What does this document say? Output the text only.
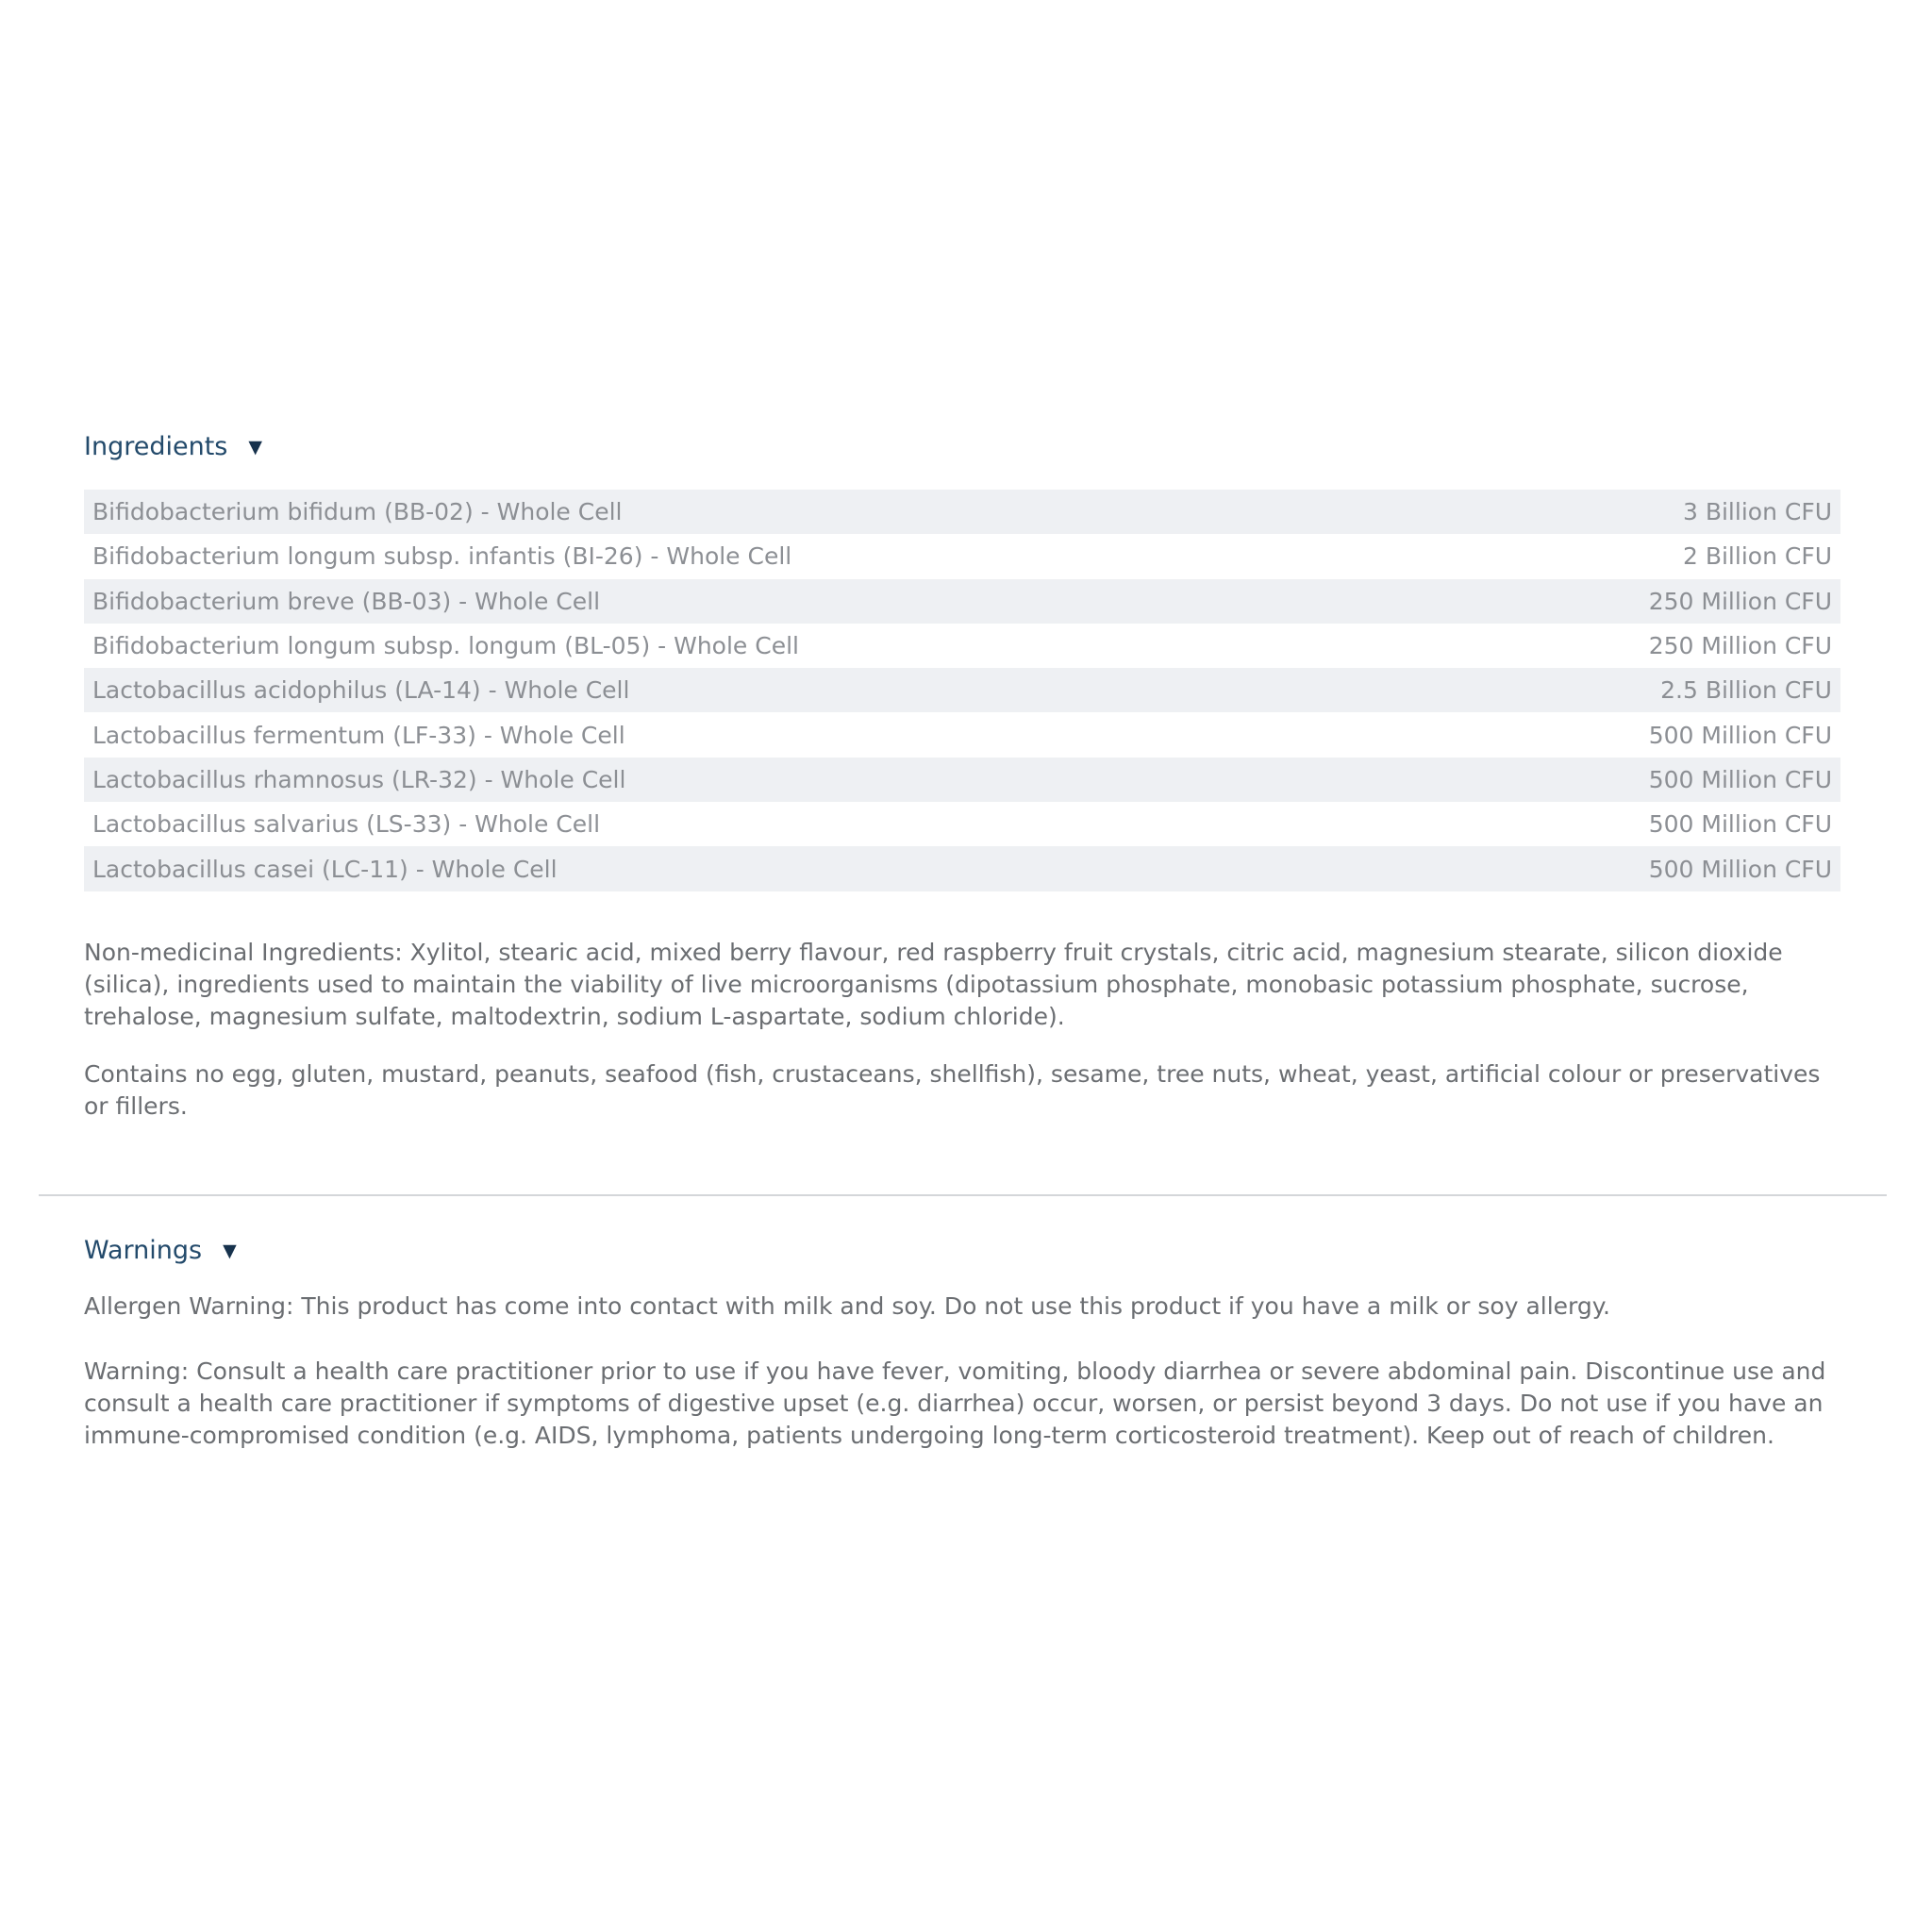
Ingredients ▼
Bifidobacterium bifidum (BB-02) - Whole Cell	3 Billion CFU
Bifidobacterium longum subsp. infantis (BI-26) - Whole Cell	2 Billion CFU
Bifidobacterium breve (BB-03) - Whole Cell	250 Million CFU
Bifidobacterium longum subsp. longum (BL-05) - Whole Cell	250 Million CFU
Lactobacillus acidophilus (LA-14) - Whole Cell	2.5 Billion CFU
Lactobacillus fermentum (LF-33) - Whole Cell	500 Million CFU
Lactobacillus rhamnosus (LR-32) - Whole Cell	500 Million CFU
Lactobacillus salvarius (LS-33) - Whole Cell	500 Million CFU
Lactobacillus casei (LC-11) - Whole Cell	500 Million CFU

Non-medicinal Ingredients: Xylitol, stearic acid, mixed berry flavour, red raspberry fruit crystals, citric acid, magnesium stearate, silicon dioxide (silica), ingredients used to maintain the viability of live microorganisms (dipotassium phosphate, monobasic potassium phosphate, sucrose, trehalose, magnesium sulfate, maltodextrin, sodium L-aspartate, sodium chloride).

Contains no egg, gluten, mustard, peanuts, seafood (fish, crustaceans, shellfish), sesame, tree nuts, wheat, yeast, artificial colour or preservatives or fillers.

Warnings ▼

Allergen Warning: This product has come into contact with milk and soy. Do not use this product if you have a milk or soy allergy.

Warning: Consult a health care practitioner prior to use if you have fever, vomiting, bloody diarrhea or severe abdominal pain. Discontinue use and consult a health care practitioner if symptoms of digestive upset (e.g. diarrhea) occur, worsen, or persist beyond 3 days. Do not use if you have an immune-compromised condition (e.g. AIDS, lymphoma, patients undergoing long-term corticosteroid treatment). Keep out of reach of children.
